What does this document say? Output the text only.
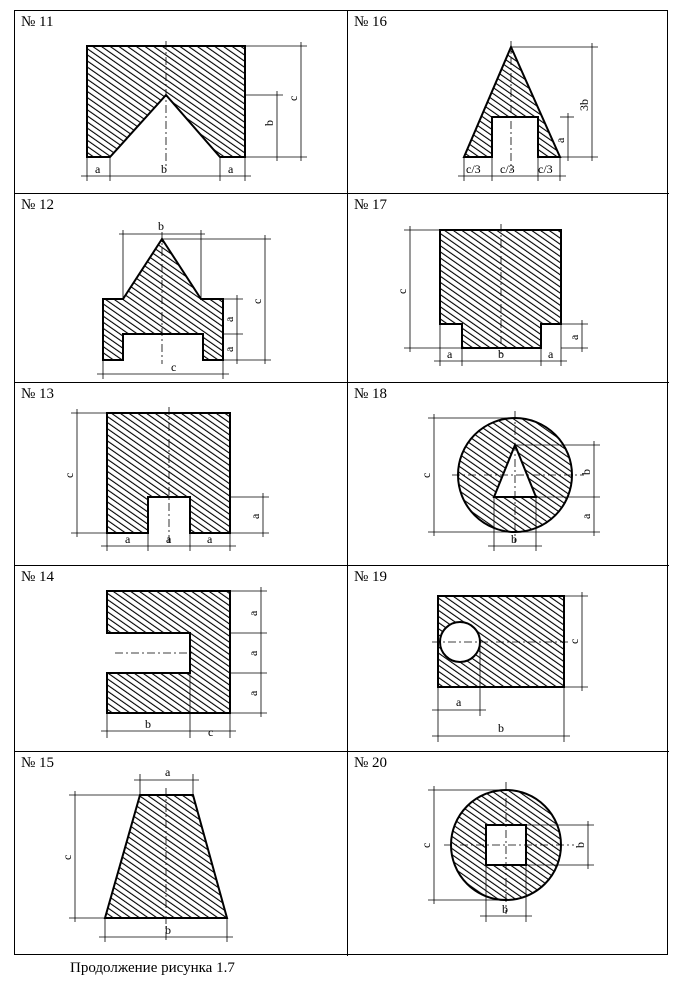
№ 11
a	b	a
b
c
№ 16
c/3 c/3 c/3
a
3b
№ 12
b
c
a
a
c
№ 17
c
a	b	a
a
№ 13
c
a
a	a	a
№ 18
c
b
a
b
№ 14
a
a
a
b
c
№ 19
c
a
b
№ 15
a
c
b
№ 20
c	b
b
Продолжение рисунка 1.7
